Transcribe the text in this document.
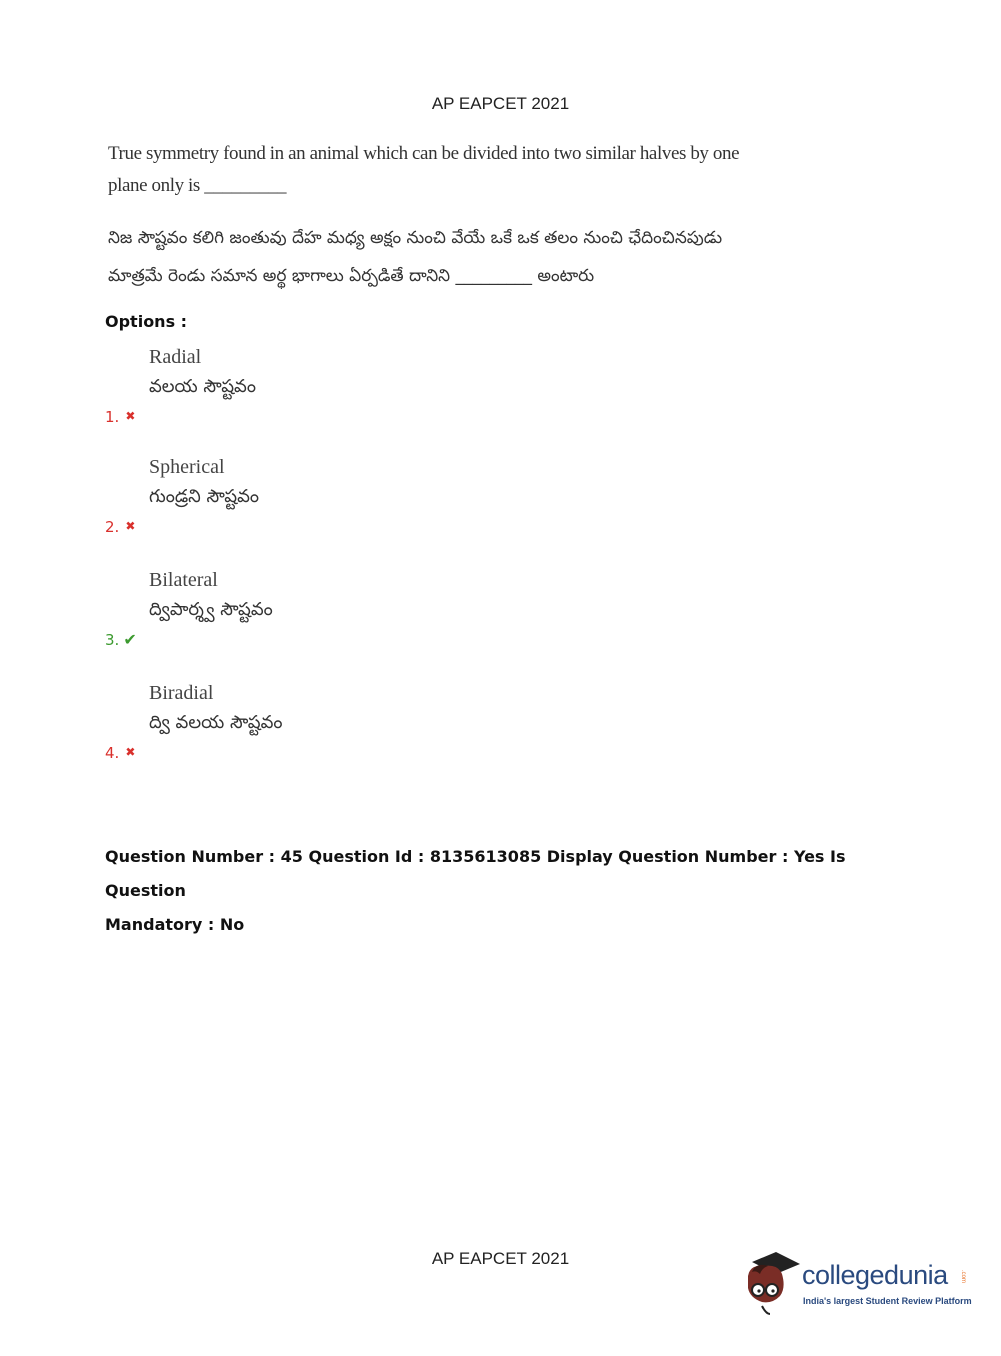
AP EAPCET 2021
True symmetry found in an animal which can be divided into two similar halves by one plane only is _________
నిజ సౌష్టవం కలిగి జంతువు దేహ మధ్య అక్షం నుంచి వేయే ఒకే ఒక తలం నుంచి ఛేదించినపుడు మాత్రమే రెండు సమాన అర్థ భాగాలు ఏర్పడితే దానిని _________ అంటారు
Options :
Radial
వలయ సౌష్టవం
1. ✖
Spherical
గుండ్రని సౌష్టవం
2. ✖
Bilateral
ద్విపార్శ్వ సౌష్టవం
3. ✔
Biradial
ద్వి వలయ సౌష్టవం
4. ✖
Question Number : 45 Question Id : 8135613085 Display Question Number : Yes Is Question
Mandatory : No
AP EAPCET 2021
collegedunia .com
India's largest Student Review Platform
